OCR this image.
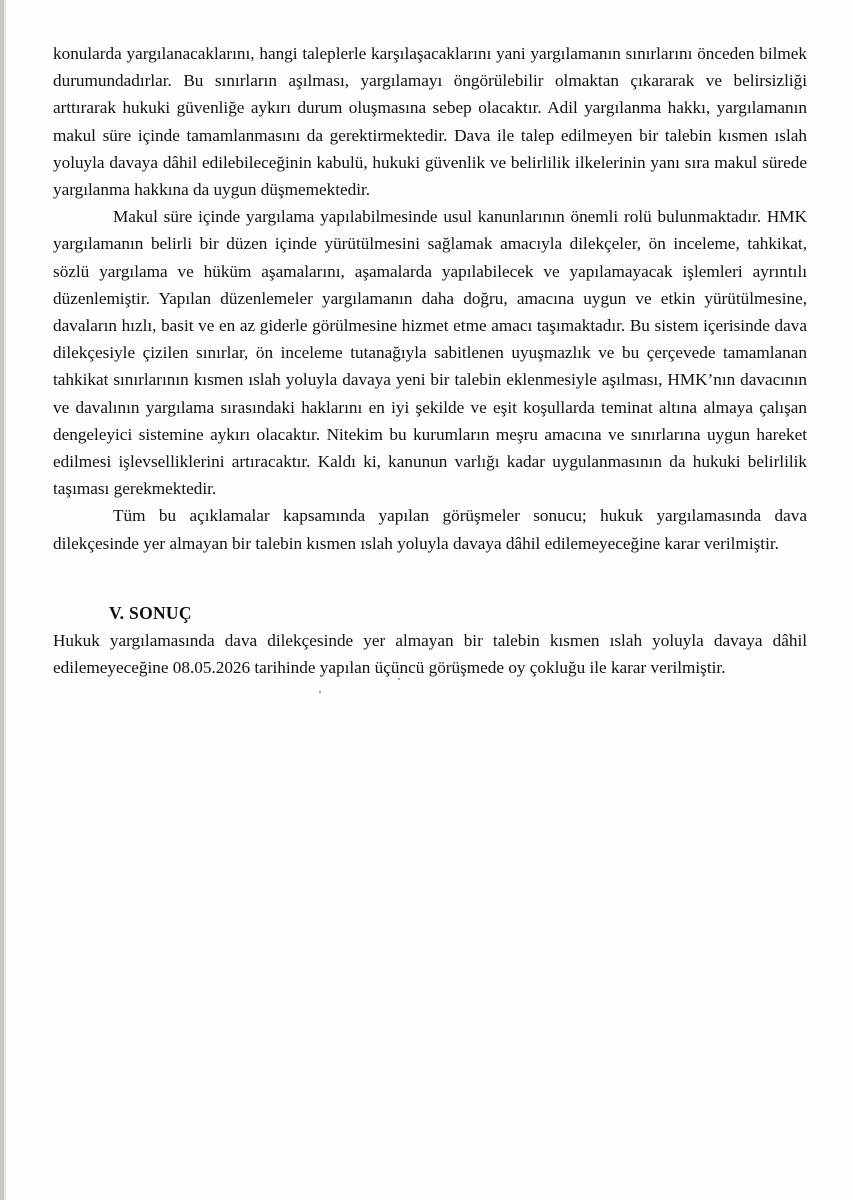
konularda yargılanacaklarını, hangi taleplerle karşılaşacaklarını yani yargılamanın sınırlarını önceden bilmek durumundadırlar. Bu sınırların aşılması, yargılamayı öngörülebilir olmaktan çıkararak ve belirsizliği arttırarak hukuki güvenliğe aykırı durum oluşmasına sebep olacaktır. Adil yargılanma hakkı, yargılamanın makul süre içinde tamamlanmasını da gerektirmektedir. Dava ile talep edilmeyen bir talebin kısmen ıslah yoluyla davaya dâhil edilebileceğinin kabulü, hukuki güvenlik ve belirlilik ilkelerinin yanı sıra makul sürede yargılanma hakkına da uygun düşmemektedir.

Makul süre içinde yargılama yapılabilmesinde usul kanunlarının önemli rolü bulunmaktadır. HMK yargılamanın belirli bir düzen içinde yürütülmesini sağlamak amacıyla dilekçeler, ön inceleme, tahkikat, sözlü yargılama ve hüküm aşamalarını, aşamalarda yapılabilecek ve yapılamayacak işlemleri ayrıntılı düzenlemiştir. Yapılan düzenlemeler yargılamanın daha doğru, amacına uygun ve etkin yürütülmesine, davaların hızlı, basit ve en az giderle görülmesine hizmet etme amacı taşımaktadır. Bu sistem içerisinde dava dilekçesiyle çizilen sınırlar, ön inceleme tutanağıyla sabitlenen uyuşmazlık ve bu çerçevede tamamlanan tahkikat sınırlarının kısmen ıslah yoluyla davaya yeni bir talebin eklenmesiyle aşılması, HMK’nın davacının ve davalının yargılama sırasındaki haklarını en iyi şekilde ve eşit koşullarda teminat altına almaya çalışan dengeleyici sistemine aykırı olacaktır. Nitekim bu kurumların meşru amacına ve sınırlarına uygun hareket edilmesi işlevselliklerini artıracaktır. Kaldı ki, kanunun varlığı kadar uygulanmasının da hukuki belirlilik taşıması gerekmektedir.

Tüm bu açıklamalar kapsamında yapılan görüşmeler sonucu; hukuk yargılamasında dava dilekçesinde yer almayan bir talebin kısmen ıslah yoluyla davaya dâhil edilemeyeceğine karar verilmiştir.

V. SONUÇ

Hukuk yargılamasında dava dilekçesinde yer almayan bir talebin kısmen ıslah yoluyla davaya dâhil edilemeyeceğine 08.05.2026 tarihinde yapılan üçüncü görüşmede oy çokluğu ile karar verilmiştir.
